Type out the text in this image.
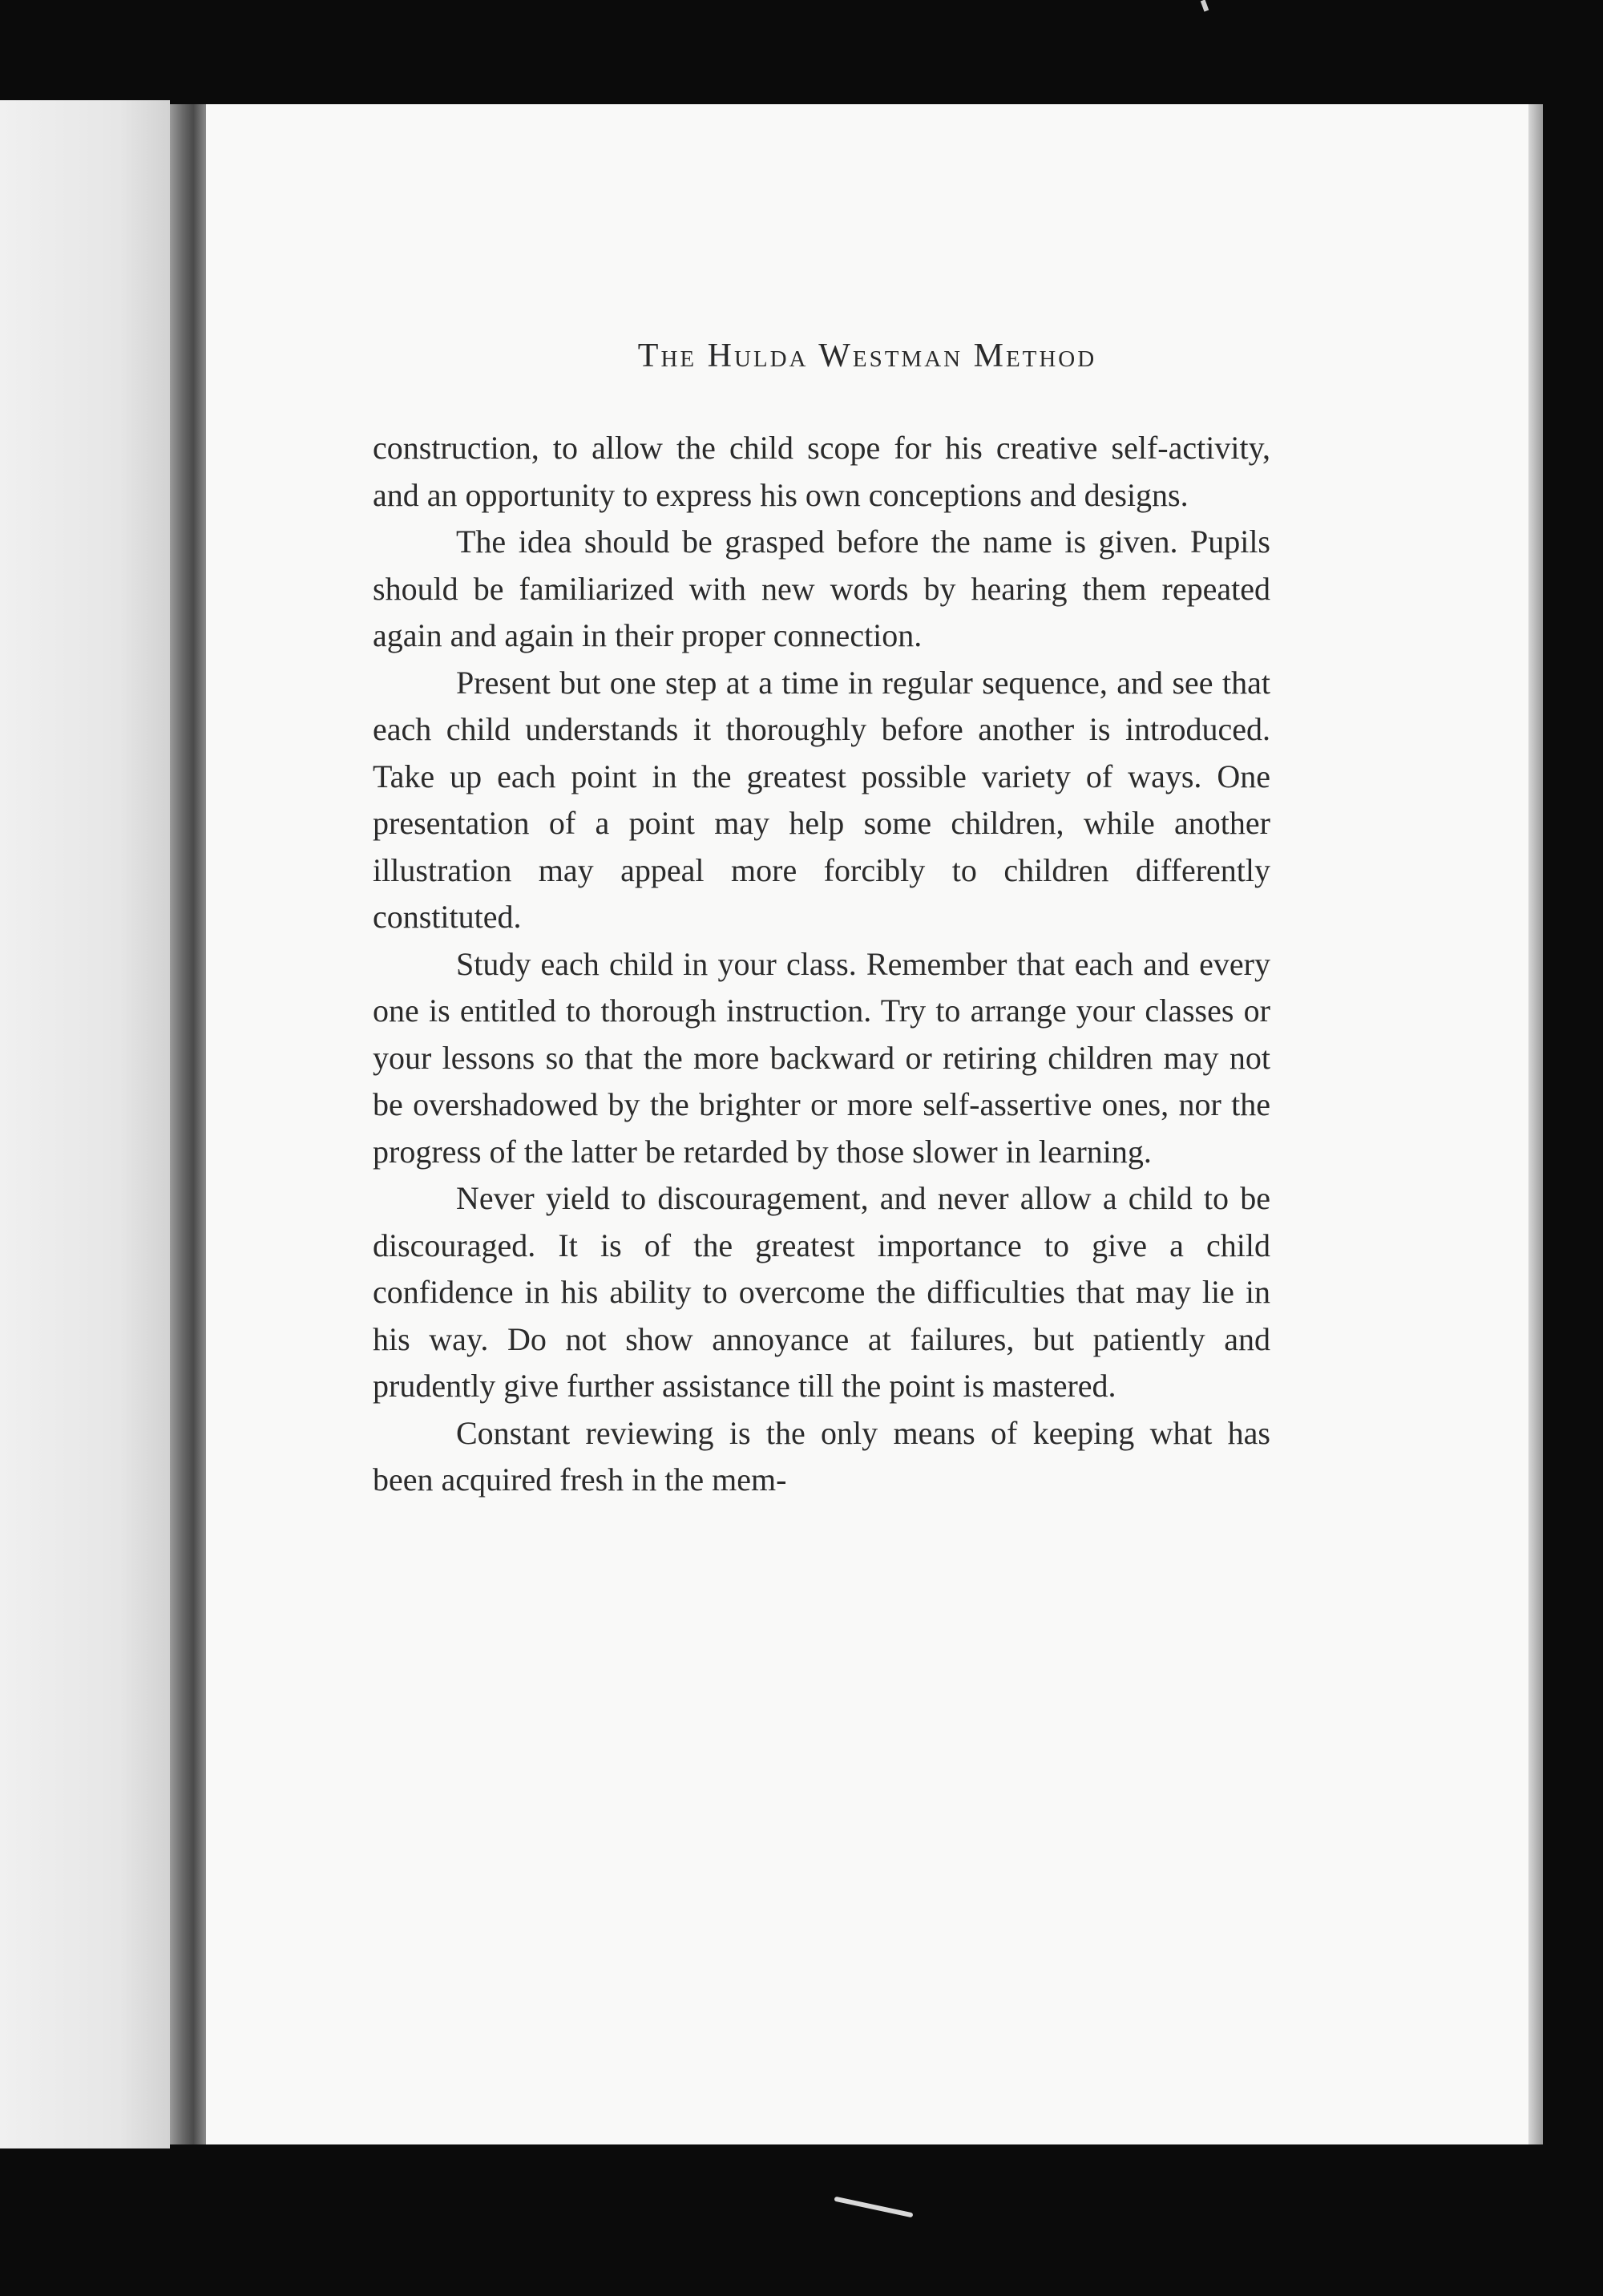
The Hulda Westman Method

construction, to allow the child scope for his creative self-activity, and an opportunity to express his own conceptions and designs.

The idea should be grasped before the name is given. Pupils should be familiarized with new words by hearing them repeated again and again in their proper connection.

Present but one step at a time in regular sequence, and see that each child understands it thoroughly before another is introduced. Take up each point in the greatest possible variety of ways. One presentation of a point may help some children, while another illustration may appeal more forcibly to children differently constituted.

Study each child in your class. Remember that each and every one is entitled to thorough instruction. Try to arrange your classes or your lessons so that the more backward or retiring children may not be overshadowed by the brighter or more self-assertive ones, nor the progress of the latter be retarded by those slower in learning.

Never yield to discouragement, and never allow a child to be discouraged. It is of the greatest importance to give a child confidence in his ability to overcome the difficulties that may lie in his way. Do not show annoyance at failures, but patiently and prudently give further assistance till the point is mastered.

Constant reviewing is the only means of keeping what has been acquired fresh in the mem-
